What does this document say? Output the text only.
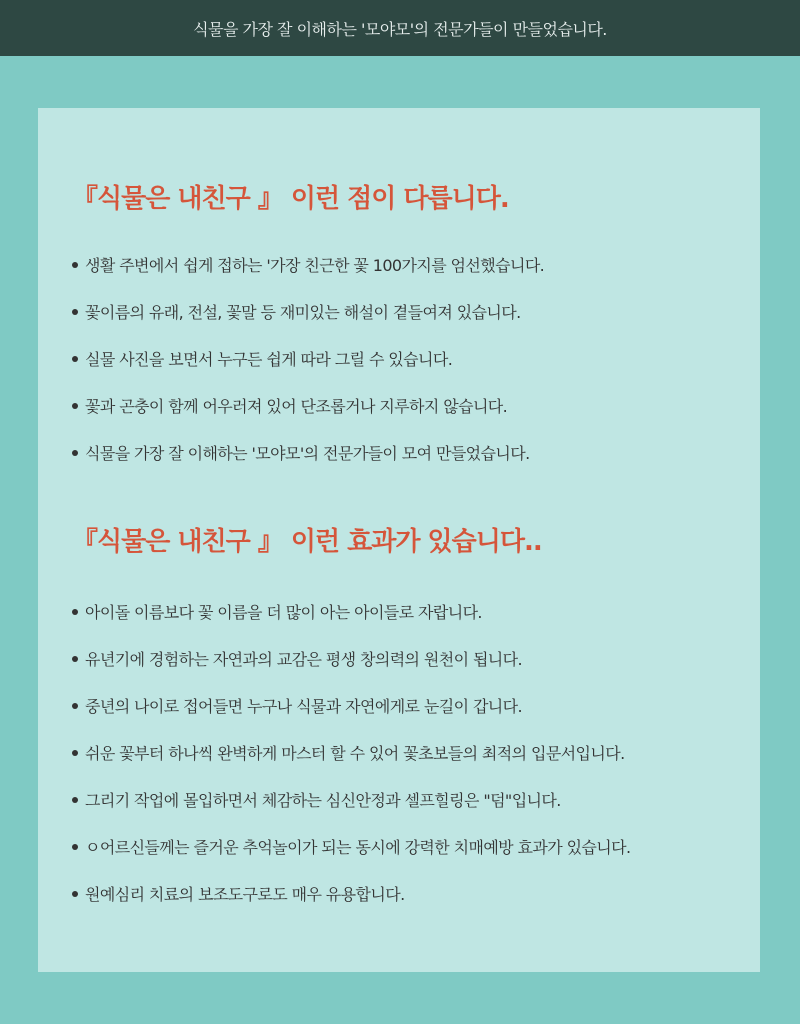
식물을 가장 잘 이해하는 '모야모'의 전문가들이 만들었습니다.
『식물은 내친구 』 이런 점이 다릅니다.
생활 주변에서 쉽게 접하는 '가장 친근한 꽃 100가지를 엄선했습니다.
꽃이름의 유래, 전설, 꽃말 등 재미있는 해설이 곁들여져 있습니다.
실물 사진을 보면서 누구든 쉽게 따라 그릴 수 있습니다.
꽃과 곤충이 함께 어우러져 있어 단조롭거나 지루하지 않습니다.
식물을 가장 잘 이해하는 '모야모'의 전문가들이 모여 만들었습니다.
『식물은 내친구 』 이런 효과가 있습니다..
아이돌 이름보다 꽃 이름을 더 많이 아는 아이들로 자랍니다.
유년기에 경험하는 자연과의 교감은 평생 창의력의 원천이 됩니다.
중년의 나이로 접어들면 누구나 식물과 자연에게로 눈길이 갑니다.
쉬운 꽃부터 하나씩 완벽하게 마스터 할 수 있어 꽃초보들의 최적의 입문서입니다.
그리기 작업에 몰입하면서 체감하는 심신안정과 셀프힐링은 "덤"입니다.
ㅇ어르신들께는 즐거운 추억놀이가 되는 동시에 강력한 치매예방 효과가 있습니다.
원예심리 치료의 보조도구로도 매우 유용합니다.
